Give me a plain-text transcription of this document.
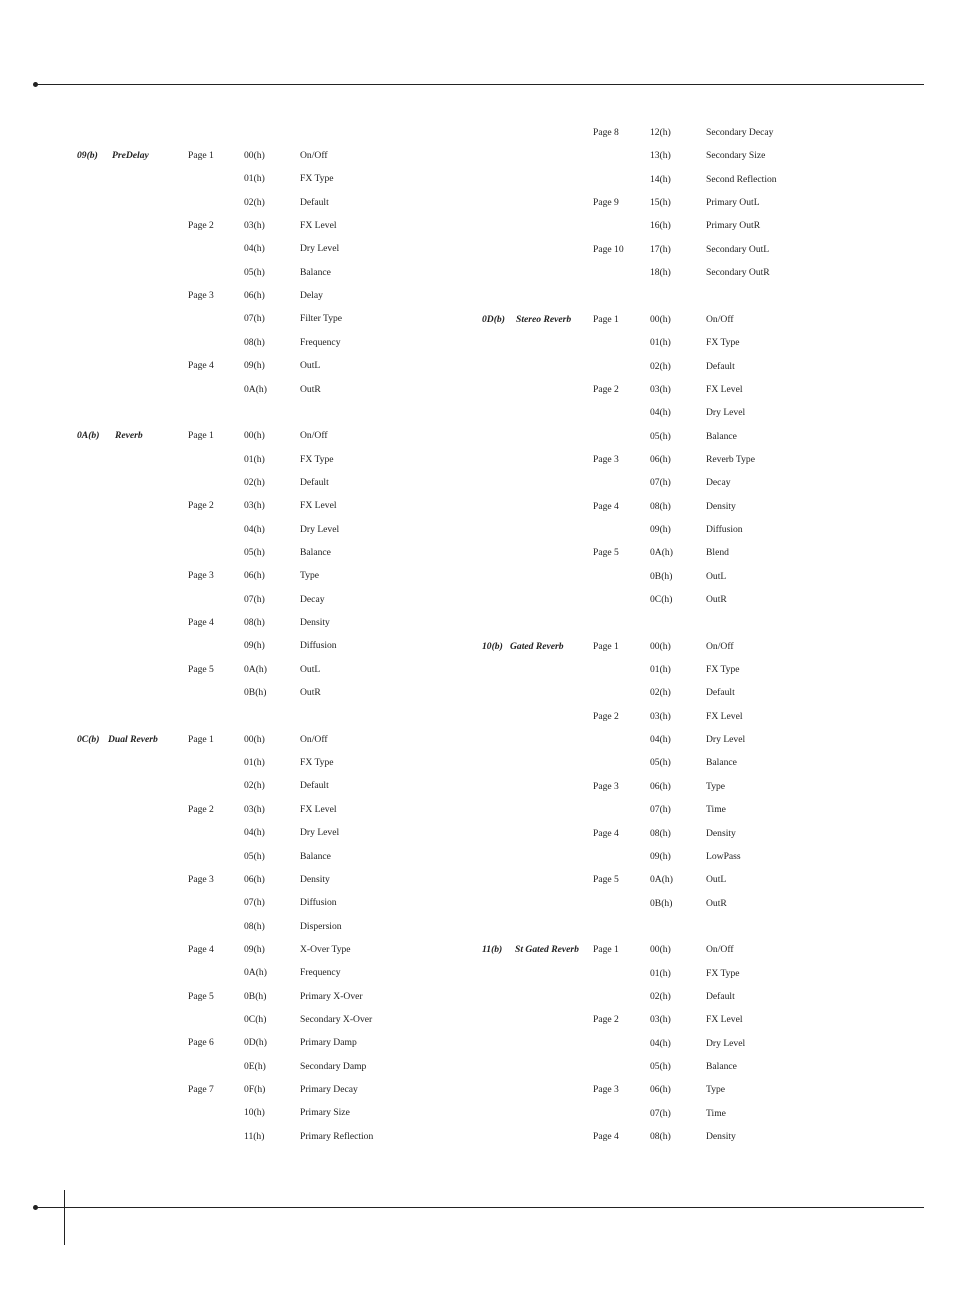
09(b) PreDelay	Page 1	00(h)	On/Off
01(h)	FX Type
02(h)	Default
Page 2	03(h)	FX Level
04(h)	Dry Level
05(h)	Balance
Page 3	06(h)	Delay
07(h)	Filter Type
08(h)	Frequency
Page 4	09(h)	OutL
0A(h)	OutR
0A(b) Reverb	Page 1	00(h)	On/Off
01(h)	FX Type
02(h)	Default
Page 2	03(h)	FX Level
04(h)	Dry Level
05(h)	Balance
Page 3	06(h)	Type
07(h)	Decay
Page 4	08(h)	Density
09(h)	Diffusion
Page 5	0A(h)	OutL
0B(h)	OutR
0C(b) Dual Reverb	Page 1	00(h)	On/Off
01(h)	FX Type
02(h)	Default
Page 2	03(h)	FX Level
04(h)	Dry Level
05(h)	Balance
Page 3	06(h)	Density
07(h)	Diffusion
08(h)	Dispersion
Page 4	09(h)	X-Over Type
0A(h)	Frequency
Page 5	0B(h)	Primary X-Over
0C(h)	Secondary X-Over
Page 6	0D(h)	Primary Damp
0E(h)	Secondary Damp
Page 7	0F(h)	Primary Decay
10(h)	Primary Size
11(h)	Primary Reflection
Page 8	12(h)	Secondary Decay
13(h)	Secondary Size
14(h)	Second Reflection
Page 9	15(h)	Primary OutL
16(h)	Primary OutR
Page 10	17(h)	Secondary OutL
18(h)	Secondary OutR
0D(b) Stereo Reverb Page 1	00(h)	On/Off
01(h)	FX Type
02(h)	Default
Page 2	03(h)	FX Level
04(h)	Dry Level
05(h)	Balance
Page 3	06(h)	Reverb Type
07(h)	Decay
Page 4	08(h)	Density
09(h)	Diffusion
Page 5	0A(h)	Blend
0B(h)	OutL
0C(h)	OutR
10(b) Gated Reverb	Page 1	00(h)	On/Off
01(h)	FX Type
02(h)	Default
Page 2	03(h)	FX Level
04(h)	Dry Level
05(h)	Balance
Page 3	06(h)	Type
07(h)	Time
Page 4	08(h)	Density
09(h)	LowPass
Page 5	0A(h)	OutL
0B(h)	OutR
11(b) St Gated Reverb Page 1	00(h)	On/Off
01(h)	FX Type
02(h)	Default
Page 2	03(h)	FX Level
04(h)	Dry Level
05(h)	Balance
Page 3	06(h)	Type
07(h)	Time
Page 4	08(h)	Density
